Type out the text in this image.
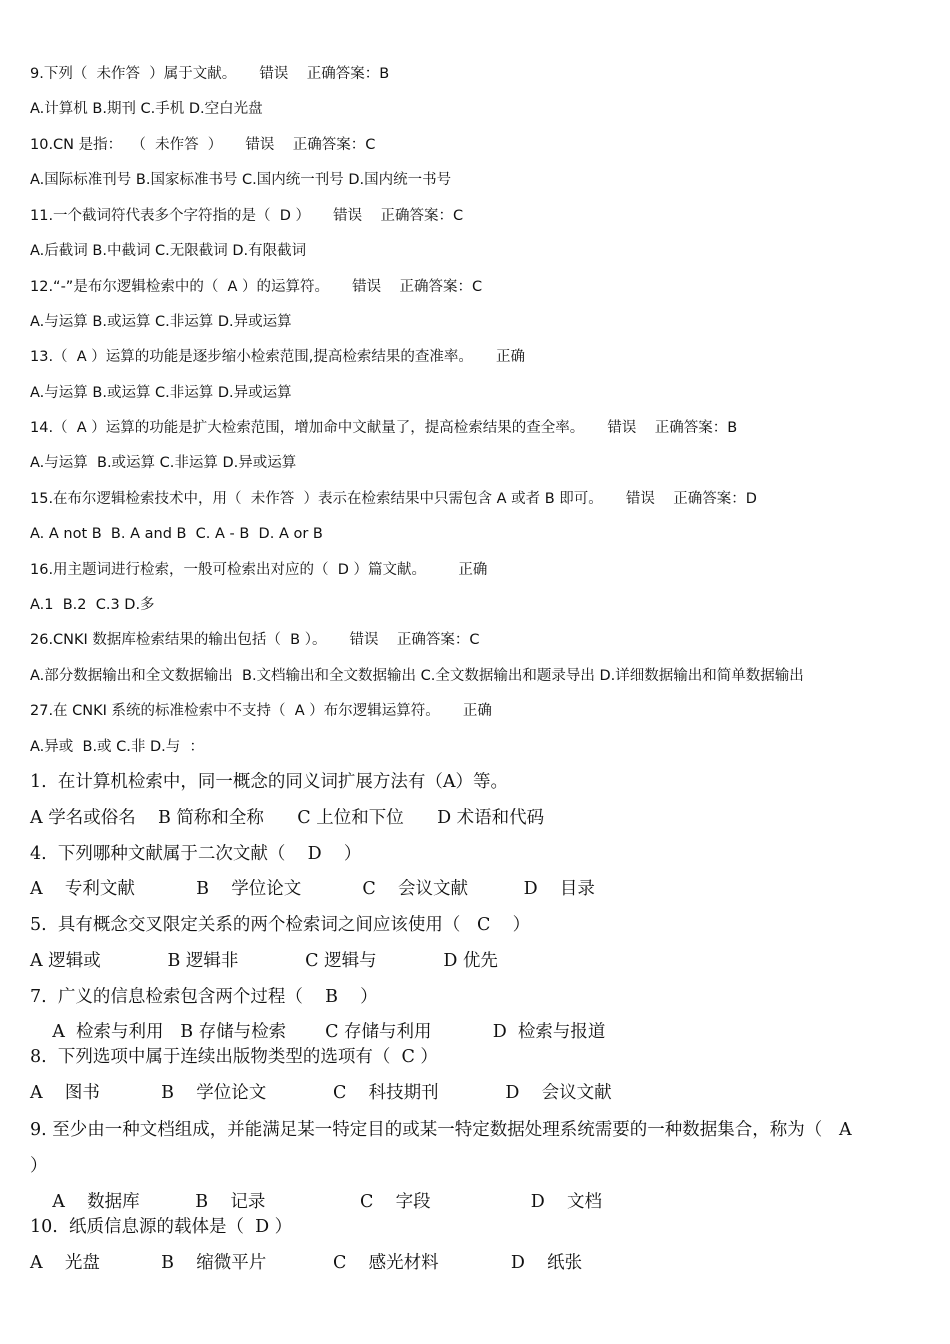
9.下列（  未作答  ）属于文献。     错误    正确答案：B
A.计算机 B.期刊 C.手机 D.空白光盘
10.CN 是指：  （  未作答  ）     错误    正确答案：C
A.国际标准刊号 B.国家标准书号 C.国内统一刊号 D.国内统一书号
11.一个截词符代表多个字符指的是（  D ）     错误    正确答案：C
A.后截词 B.中截词 C.无限截词 D.有限截词
12.“-”是布尔逻辑检索中的（  A ）的运算符。     错误    正确答案：C
A.与运算 B.或运算 C.非运算 D.异或运算
13.（  A ）运算的功能是逐步缩小检索范围,提高检索结果的查准率。     正确
A.与运算 B.或运算 C.非运算 D.异或运算
14.（  A ）运算的功能是扩大检索范围，增加命中文献量了，提高检索结果的查全率。     错误    正确答案：B
A.与运算  B.或运算 C.非运算 D.异或运算
15.在布尔逻辑检索技术中，用（  未作答  ）表示在检索结果中只需包含 A 或者 B 即可。     错误    正确答案：D
A. A not B  B. A and B  C. A - B  D. A or B
16.用主题词进行检索，一般可检索出对应的（  D ）篇文献。       正确
A.1  B.2  C.3 D.多
26.CNKI 数据库检索结果的输出包括（  B ）。     错误    正确答案：C
A.部分数据输出和全文数据输出  B.文档输出和全文数据输出 C.全文数据输出和题录导出 D.详细数据输出和简单数据输出
27.在 CNKI 系统的标准检索中不支持（  A ）布尔逻辑运算符。     正确
A.异或  B.或 C.非 D.与  ：
1.  在计算机检索中，同一概念的同义词扩展方法有（A）等。
A 学名或俗名    B 简称和全称      C 上位和下位      D 术语和代码
4.  下列哪种文献属于二次文献（    D    ）
A    专利文献           B    学位论文           C    会议文献          D    目录
5.  具有概念交叉限定关系的两个检索词之间应该使用（   C    ）
A 逻辑或            B 逻辑非            C 逻辑与            D 优先
7.  广义的信息检索包含两个过程（    B    ）
A  检索与利用   B 存储与检索       C 存储与利用           D  检索与报道
8.  下列选项中属于连续出版物类型的选项有（  C ）
A    图书           B    学位论文            C    科技期刊            D    会议文献
9. 至少由一种文档组成，并能满足某一特定目的或某一特定数据处理系统需要的一种数据集合，称为（   A
）
A    数据库          B    记录                 C    字段                  D    文档
10.  纸质信息源的载体是（  D ）
A    光盘           B    缩微平片            C    感光材料             D    纸张
